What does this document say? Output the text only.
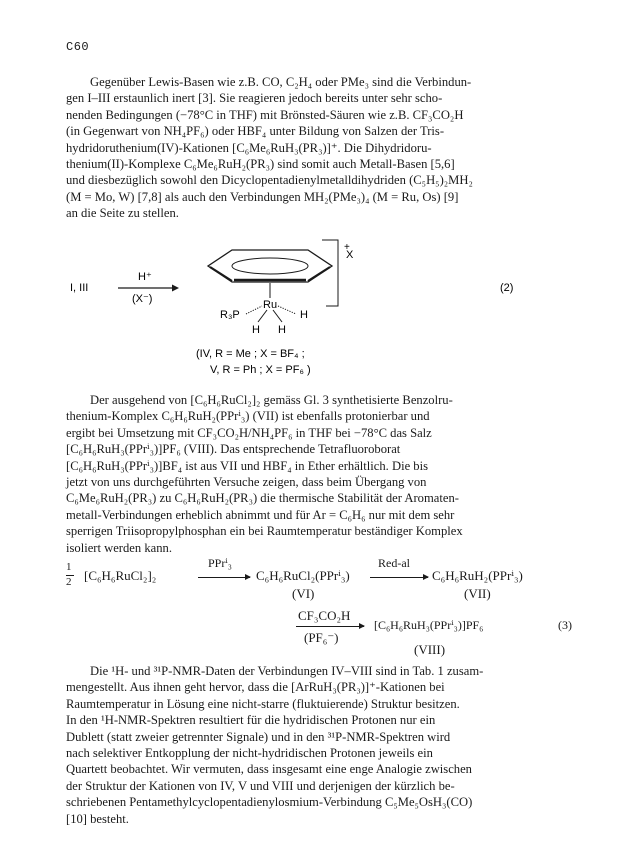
C60
Gegenüber Lewis-Basen wie z.B. CO, C₂H₄ oder PMe₃ sind die Verbindun-
gen I–III erstaunlich inert [3]. Sie reagieren jedoch bereits unter sehr scho-
nenden Bedingungen (−78°C in THF) mit Brönsted-Säuren wie z.B. CF₃CO₂H
(in Gegenwart von NH₄PF₆) oder HBF₄ unter Bildung von Salzen der Tris-
hydridoruthenium(IV)-Kationen [C₆Me₆RuH₃(PR₃)]⁺. Die Dihydridoru-
thenium(II)-Komplexe C₆Me₆RuH₂(PR₃) sind somit auch Metall-Basen [5,6]
und diesbezüglich sowohl den Dicyclopentadienylmetalldihydriden (C₅H₅)₂MH₂
(M = Mo, W) [7,8] als auch den Verbindungen MH₂(PMe₃)₄ (M = Ru, Os) [9]
an die Seite zu stellen.
I, III
H⁺
(X⁻)
+
X
Ru
R₃P	H
H H
(2)
(IV, R = Me ; X = BF₄ ;
V, R = Ph ; X = PF₆ )
Der ausgehend von [C₆H₆RuCl₂]₂ gemäss Gl. 3 synthetisierte Benzolru-
thenium-Komplex C₆H₆RuH₂(PPrⁱ₃) (VII) ist ebenfalls protonierbar und
ergibt bei Umsetzung mit CF₃CO₂H/NH₄PF₆ in THF bei −78°C das Salz
[C₆H₆RuH₃(PPrⁱ₃)]PF₆ (VIII). Das entsprechende Tetrafluoroborat
[C₆H₆RuH₃(PPrⁱ₃)]BF₄ ist aus VII und HBF₄ in Ether erhältlich. Die bis
jetzt von uns durchgeführten Versuche zeigen, dass beim Übergang von
C₆Me₆RuH₂(PR₃) zu C₆H₆RuH₂(PR₃) die thermische Stabilität der Aromaten-
metall-Verbindungen erheblich abnimmt und für Ar = C₆H₆ nur mit dem sehr
sperrigen Triisopropylphosphan ein bei Raumtemperatur beständiger Komplex
isoliert werden kann.
1
2 [C₆H₆RuCl₂]₂
PPrⁱ₃
C₆H₆RuCl₂(PPrⁱ₃)
Red-al
C₆H₆RuH₂(PPrⁱ₃)
(VI)	(VII)
CF₃CO₂H
(PF₆⁻)
[C₆H₆RuH₃(PPrⁱ₃)]PF₆
(VIII)
(3)
Die ¹H- und ³¹P-NMR-Daten der Verbindungen IV–VIII sind in Tab. 1 zusam-
mengestellt. Aus ihnen geht hervor, dass die [ArRuH₃(PR₃)]⁺-Kationen bei
Raumtemperatur in Lösung eine nicht-starre (fluktuierende) Struktur besitzen.
In den ¹H-NMR-Spektren resultiert für die hydridischen Protonen nur ein
Dublett (statt zweier getrennter Signale) und in den ³¹P-NMR-Spektren wird
nach selektiver Entkopplung der nicht-hydridischen Protonen jeweils ein
Quartett beobachtet. Wir vermuten, dass insgesamt eine enge Analogie zwischen
der Struktur der Kationen von IV, V und VIII und derjenigen der kürzlich be-
schriebenen Pentamethylcyclopentadienylosmium-Verbindung C₅Me₅OsH₃(CO)
[10] besteht.
